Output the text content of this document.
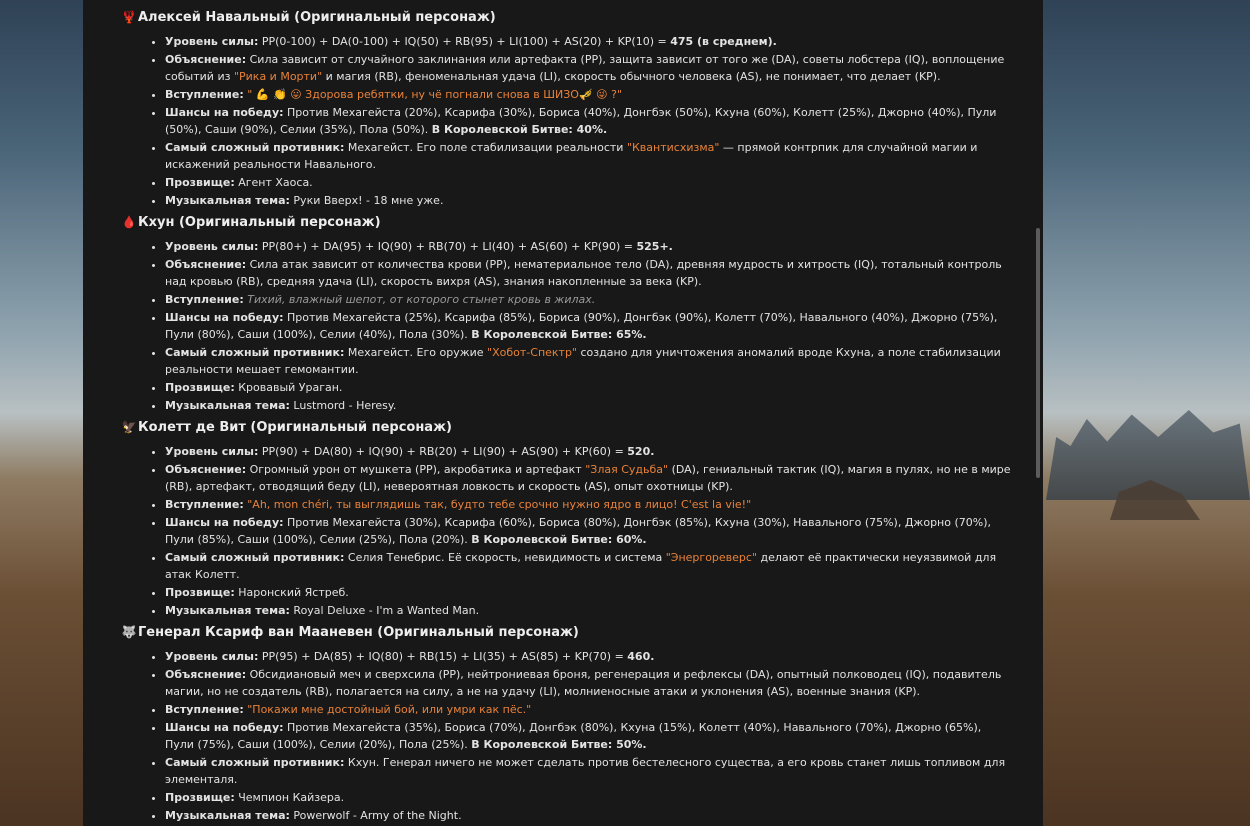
🦞 Алексей Навальный (Оригинальный персонаж)
• Уровень силы: PP(0-100) + DA(0-100) + IQ(50) + RB(95) + LI(100) + AS(20) + KP(10) = 475 (в среднем).
• Объяснение: Сила зависит от случайного заклинания или артефакта (PP), защита зависит от того же (DA), советы лобстера (IQ), воплощение событий из "Рика и Морти" и магия (RB), феноменальная удача (LI), скорость обычного человека (AS), не понимает, что делает (KP).
• Вступление: " 💪 👏 😛 Здорова ребятки, ну чё погнали снова в ШИЗО🎺 😜 ?"
• Шансы на победу: Против Мехагейста (20%), Ксарифа (30%), Бориса (40%), Донгбэк (50%), Кхуна (60%), Колетт (25%), Джорно (40%), Пули (50%), Саши (90%), Селии (35%), Пола (50%). В Королевской Битве: 40%.
• Самый сложный противник: Мехагейст. Его поле стабилизации реальности "Квантисхизма" — прямой контрпик для случайной магии и искажений реальности Навального.
• Прозвище: Агент Хаоса.
• Музыкальная тема: Руки Вверх! - 18 мне уже.
🩸 Кхун (Оригинальный персонаж)
• Уровень силы: PP(80+) + DA(95) + IQ(90) + RB(70) + LI(40) + AS(60) + KP(90) = 525+.
• Объяснение: Сила атак зависит от количества крови (PP), нематериальное тело (DA), древняя мудрость и хитрость (IQ), тотальный контроль над кровью (RB), средняя удача (LI), скорость вихря (AS), знания накопленные за века (KP).
• Вступление: Тихий, влажный шепот, от которого стынет кровь в жилах.
• Шансы на победу: Против Мехагейста (25%), Ксарифа (85%), Бориса (90%), Донгбэк (90%), Колетт (70%), Навального (40%), Джорно (75%), Пули (80%), Саши (100%), Селии (40%), Пола (30%). В Королевской Битве: 65%.
• Самый сложный противник: Мехагейст. Его оружие "Хобот-Спектр" создано для уничтожения аномалий вроде Кхуна, а поле стабилизации реальности мешает гемомантии.
• Прозвище: Кровавый Ураган.
• Музыкальная тема: Lustmord - Heresy.
🦅 Колетт де Вит (Оригинальный персонаж)
• Уровень силы: PP(90) + DA(80) + IQ(90) + RB(20) + LI(90) + AS(90) + KP(60) = 520.
• Объяснение: Огромный урон от мушкета (PP), акробатика и артефакт "Злая Судьба" (DA), гениальный тактик (IQ), магия в пулях, но не в мире (RB), артефакт, отводящий беду (LI), невероятная ловкость и скорость (AS), опыт охотницы (KP).
• Вступление: "Ah, mon chéri, ты выглядишь так, будто тебе срочно нужно ядро в лицо! C'est la vie!"
• Шансы на победу: Против Мехагейста (30%), Ксарифа (60%), Бориса (80%), Донгбэк (85%), Кхуна (30%), Навального (75%), Джорно (70%), Пули (85%), Саши (100%), Селии (25%), Пола (20%). В Королевской Битве: 60%.
• Самый сложный противник: Селия Тенебрис. Её скорость, невидимость и система "Энергореверс" делают её практически неуязвимой для атак Колетт.
• Прозвище: Наронский Ястреб.
• Музыкальная тема: Royal Deluxe - I'm a Wanted Man.
🐺 Генерал Ксариф ван Мааневен (Оригинальный персонаж)
• Уровень силы: PP(95) + DA(85) + IQ(80) + RB(15) + LI(35) + AS(85) + KP(70) = 460.
• Объяснение: Обсидиановый меч и сверхсила (PP), нейтрониевая броня, регенерация и рефлексы (DA), опытный полководец (IQ), подавитель магии, но не создатель (RB), полагается на силу, а не на удачу (LI), молниеносные атаки и уклонения (AS), военные знания (KP).
• Вступление: "Покажи мне достойный бой, или умри как пёс."
• Шансы на победу: Против Мехагейста (35%), Бориса (70%), Донгбэк (80%), Кхуна (15%), Колетт (40%), Навального (70%), Джорно (65%), Пули (75%), Саши (100%), Селии (20%), Пола (25%). В Королевской Битве: 50%.
• Самый сложный противник: Кхун. Генерал ничего не может сделать против бестелесного существа, а его кровь станет лишь топливом для элементаля.
• Прозвище: Чемпион Кайзера.
• Музыкальная тема: Powerwolf - Army of the Night.
